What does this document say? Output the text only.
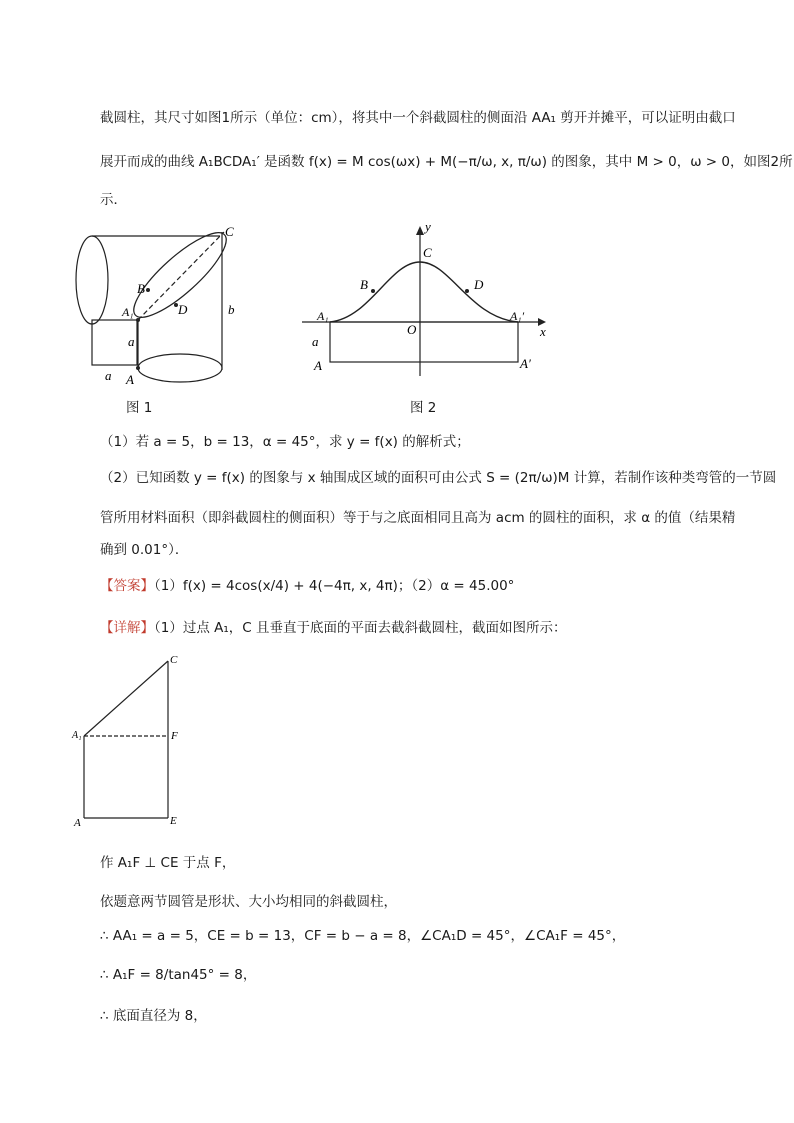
截圆柱，其尺寸如图1所示（单位：cm），将其中一个斜截圆柱的侧面沿 AA₁ 剪开并摊平，可以证明由截口
展开而成的曲线 A₁BCDA₁′ 是函数 f(x) = M cos(ωx) + M(−π/ω, x, π/ω) 的图象，其中 M > 0，ω > 0，如图2所
示．
C
B
D
A₁
A
a
a
b
图 1
y
x
C
B	D
A₁	A₁′
O
a
A	A′
图 2
（1）若 a = 5，b = 13，α = 45°，求 y = f(x) 的解析式；
（2）已知函数 y = f(x) 的图象与 x 轴围成区域的面积可由公式 S = (2π/ω)M 计算，若制作该种类弯管的一节圆
管所用材料面积（即斜截圆柱的侧面积）等于与之底面相同且高为 acm 的圆柱的面积，求 α 的值（结果精
确到 0.01°）．
【答案】（1）f(x) = 4cos(x/4) + 4(−4π, x, 4π)；（2）α = 45.00°
【详解】（1）过点 A₁，C 且垂直于底面的平面去截斜截圆柱，截面如图所示：
C
A₁	F
A	E
作 A₁F ⊥ CE 于点 F，
依题意两节圆管是形状、大小均相同的斜截圆柱，
∴ AA₁ = a = 5，CE = b = 13，CF = b − a = 8，∠CA₁D = 45°，∠CA₁F = 45°，
∴ A₁F = 8/tan45° = 8，
∴ 底面直径为 8，
